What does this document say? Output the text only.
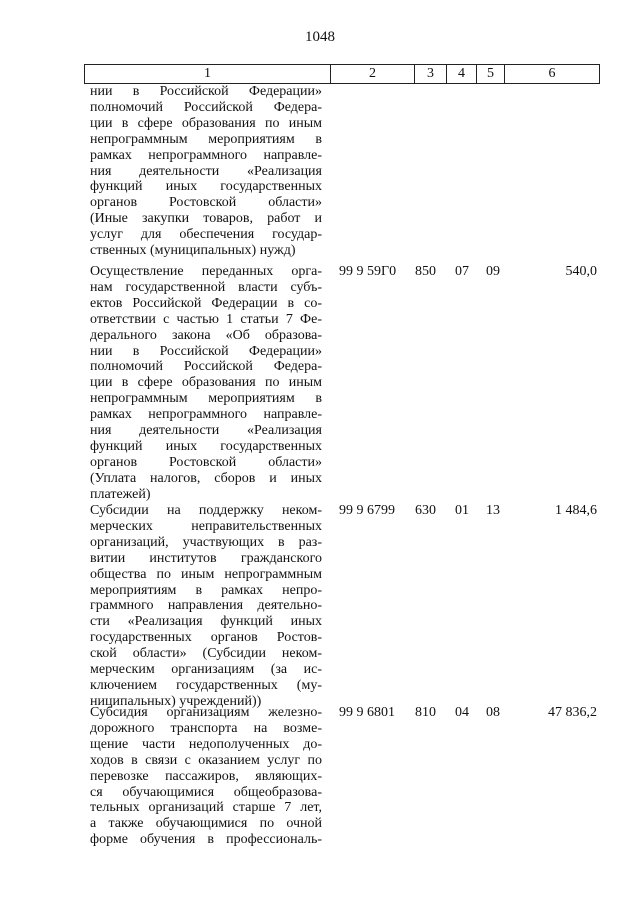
1048
1	2	3	4	5	6
нии в Российской Федерации»
полномочий Российской Федера-
ции в сфере образования по иным
непрограммным мероприятиям в
рамках непрограммного направле-
ния деятельности «Реализация
функций иных государственных
органов Ростовской области»
(Иные закупки товаров, работ и
услуг для обеспечения государ-
ственных (муниципальных) нужд)
Осуществление переданных орга-
нам государственной власти субъ-
ектов Российской Федерации в со-
ответствии с частью 1 статьи 7 Фе-
дерального закона «Об образова-
нии в Российской Федерации»
полномочий Российской Федера-
ции в сфере образования по иным
непрограммным мероприятиям в
рамках непрограммного направле-
ния деятельности «Реализация
функций иных государственных
органов Ростовской области»
(Уплата налогов, сборов и иных
платежей)
99 9 59Г0 850 07 09	540,0
Субсидии на поддержку неком-
мерческих неправительственных
организаций, участвующих в раз-
витии институтов гражданского
общества по иным непрограммным
мероприятиям в рамках непро-
граммного направления деятельно-
сти «Реализация функций иных
государственных органов Ростов-
ской области» (Субсидии неком-
мерческим организациям (за ис-
ключением государственных (му-
ниципальных) учреждений))
99 9 6799 630 01 13	1 484,6
Субсидия организациям железно-
дорожного транспорта на возме-
щение части недополученных до-
ходов в связи с оказанием услуг по
перевозке пассажиров, являющих-
ся обучающимися общеобразова-
тельных организаций старше 7 лет,
а также обучающимися по очной
форме обучения в профессиональ-
99 9 6801 810 04 08	47 836,2
